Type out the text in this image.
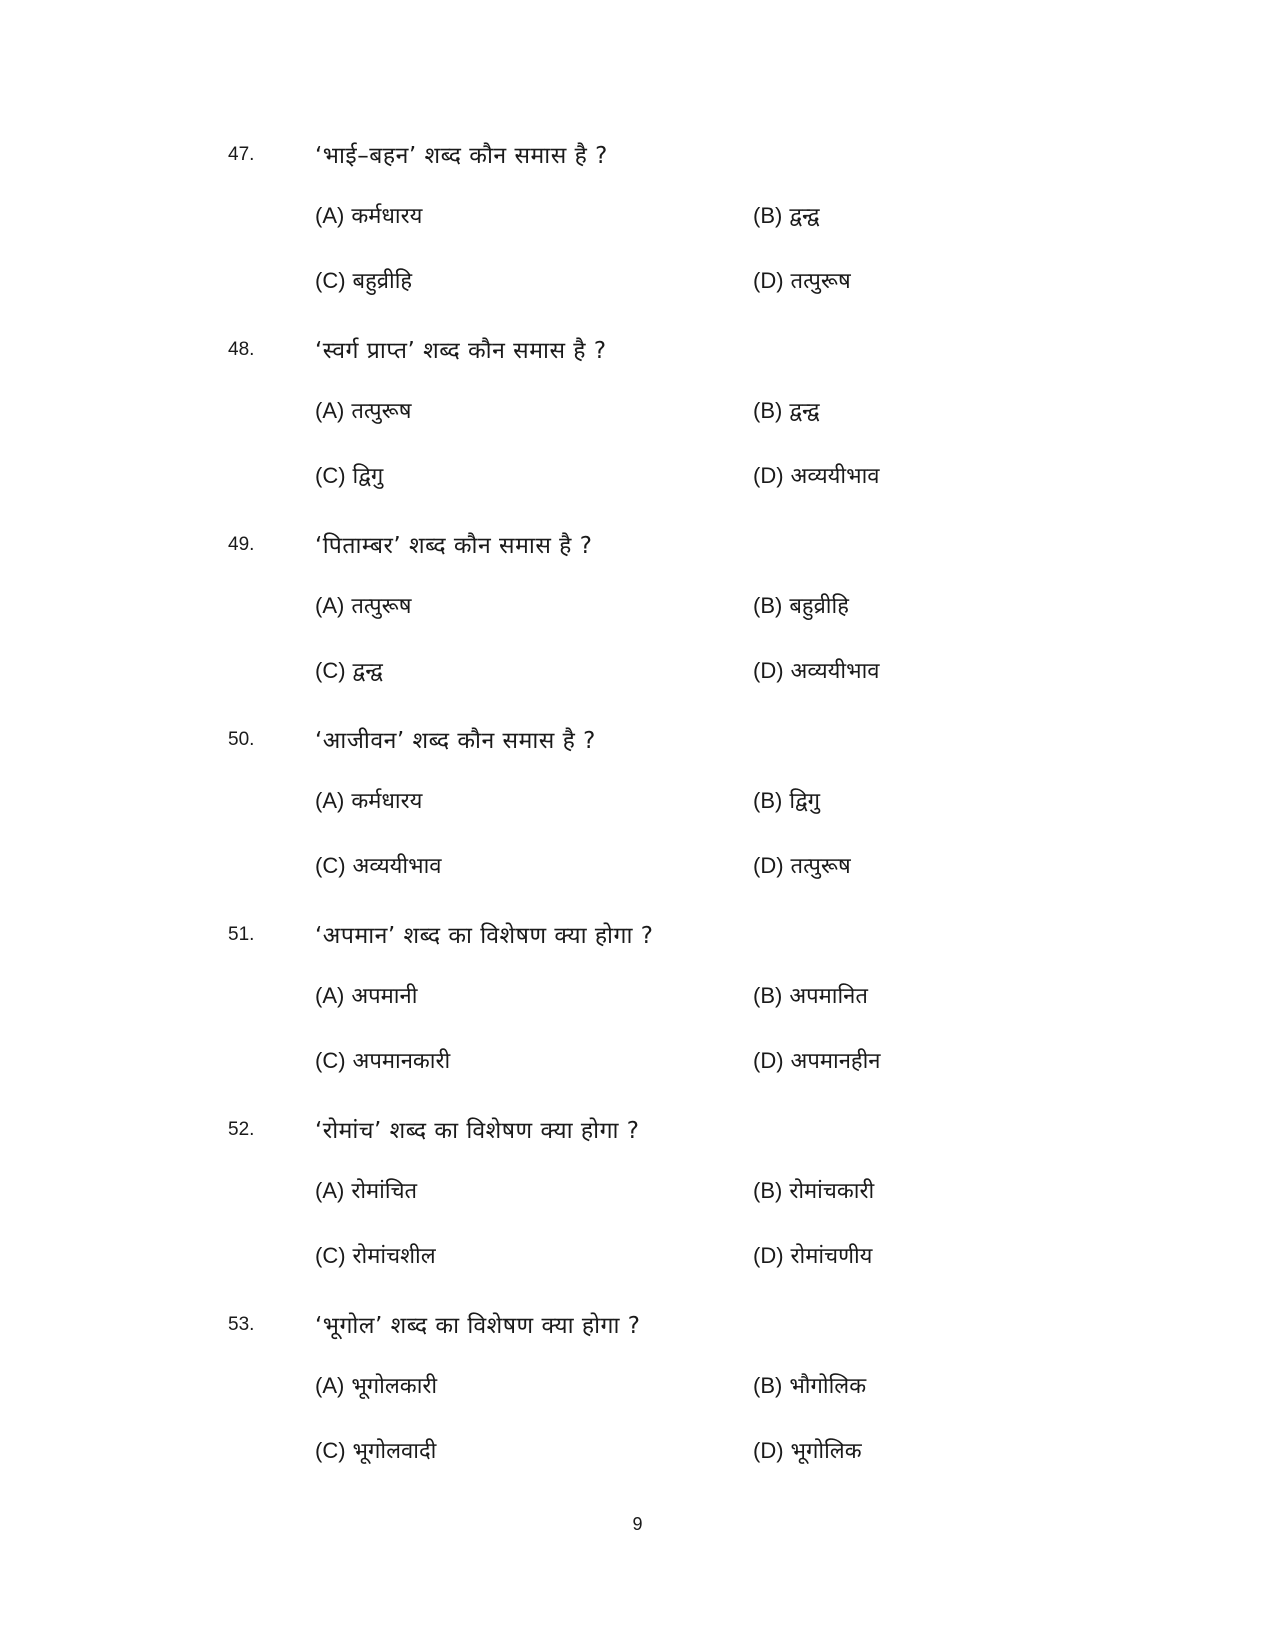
47.	‘भाई–बहन’ शब्द कौन समास है ?
(A) कर्मधारय	(B) द्वन्द्व
(C) बहुव्रीहि	(D) तत्पुरूष
48.	‘स्वर्ग प्राप्त’ शब्द कौन समास है ?
(A) तत्पुरूष	(B) द्वन्द्व
(C) द्विगु	(D) अव्ययीभाव
49.	‘पिताम्बर’ शब्द कौन समास है ?
(A) तत्पुरूष	(B) बहुव्रीहि
(C) द्वन्द्व	(D) अव्ययीभाव
50.	‘आजीवन’ शब्द कौन समास है ?
(A) कर्मधारय	(B) द्विगु
(C) अव्ययीभाव	(D) तत्पुरूष
51.	‘अपमान’ शब्द का विशेषण क्या होगा ?
(A) अपमानी	(B) अपमानित
(C) अपमानकारी	(D) अपमानहीन
52.	‘रोमांच’ शब्द का विशेषण क्या होगा ?
(A) रोमांचित	(B) रोमांचकारी
(C) रोमांचशील	(D) रोमांचणीय
53.	‘भूगोल’ शब्द का विशेषण क्या होगा ?
(A) भूगोलकारी	(B) भौगोलिक
(C) भूगोलवादी	(D) भूगोलिक
9
